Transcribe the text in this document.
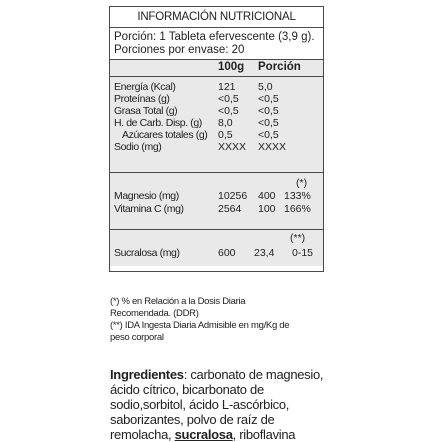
INFORMACIÓN NUTRICIONAL
Porción: 1 Tableta efervescente (3,9 g).
Porciones por envase: 20
100g Porción
Energía (Kcal)	121 5,0
Proteínas (g)	<0,5 <0,5
Grasa Total (g)	<0,5 <0,5
H. de Carb. Disp. (g) 8,0 <0,5
Azúcares totales (g) 0,5 <0,5
Sodio (mg)	XXXX XXXX
(*)
Magnesio (mg)	10256 400 133%
Vitamina C (mg)	2564 100 166%
(**)
Sucralosa (mg)	600 23,4 0-15

(*) % en Relación a la Dosis Diaria

Recomendada. (DDR)

(**) IDA Ingesta Diaria Admisible en mg/Kg de

peso corporal

Ingredientes: carbonato de magnesio,
ácido cítrico, bicarbonato de
sodio,sorbitol, ácido L-ascórbico,
saborizantes, polvo de raíz de
remolacha, sucralosa, riboflavina
